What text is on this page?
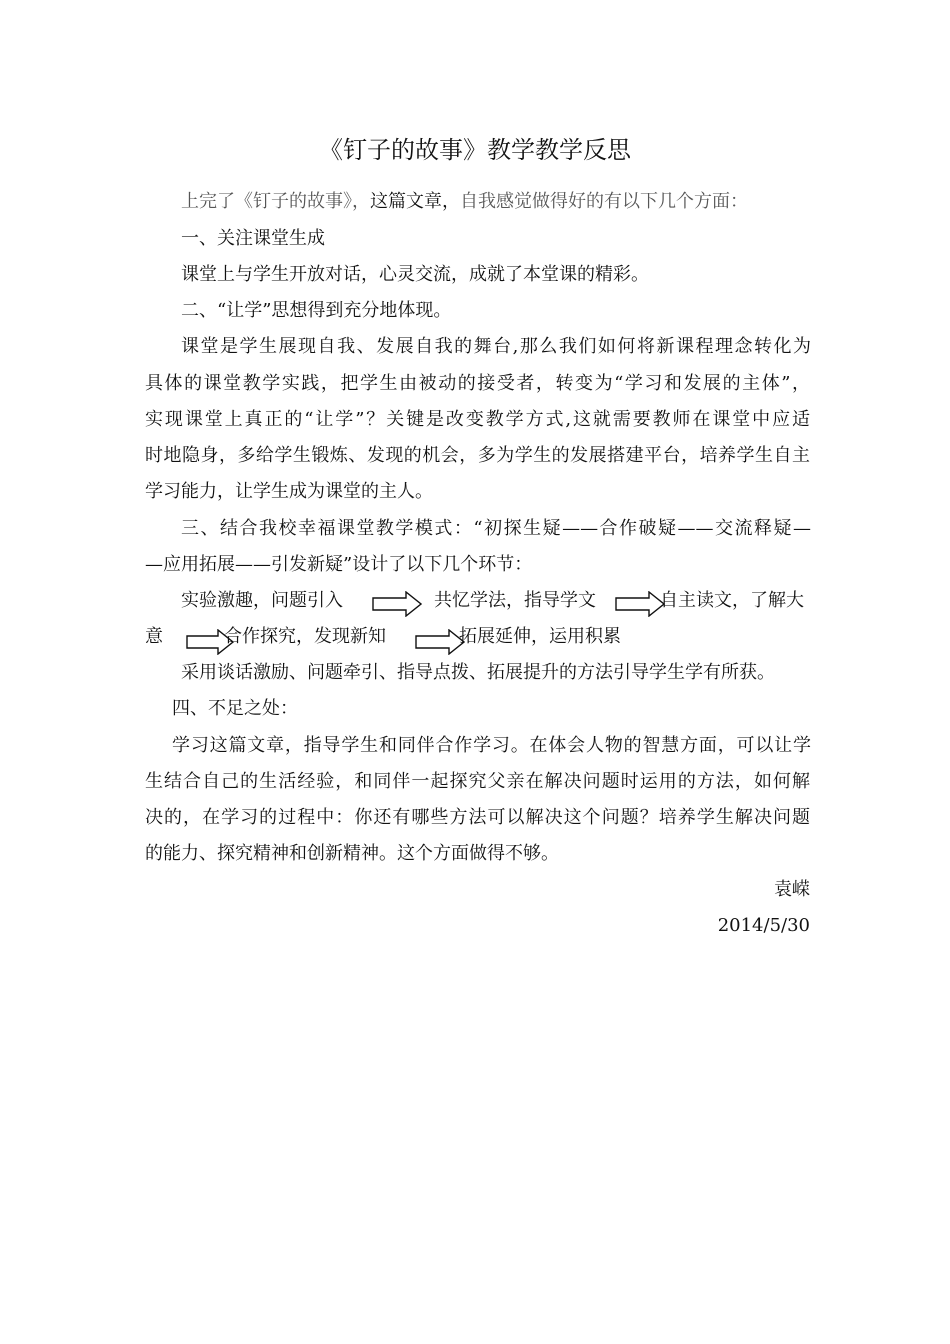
《钉子的故事》教学教学反思
上完了《钉子的故事》，这篇文章，自我感觉做得好的有以下几个方面：
一、关注课堂生成
课堂上与学生开放对话，心灵交流，成就了本堂课的精彩。
二、“让学”思想得到充分地体现。
课堂是学生展现自我、发展自我的舞台,那么我们如何将新课程理念转化为
具体的课堂教学实践，把学生由被动的接受者，转变为“学习和发展的主体”，
实现课堂上真正的“让学”？关键是改变教学方式,这就需要教师在课堂中应适
时地隐身，多给学生锻炼、发现的机会，多为学生的发展搭建平台，培养学生自主
学习能力，让学生成为课堂的主人。
三、结合我校幸福课堂教学模式：“初探生疑——合作破疑——交流释疑—
—应用拓展——引发新疑”设计了以下几个环节：
实验激趣，问题引入	共忆学法，指导学文	自主读文，了解大
意	合作探究，发现新知	拓展延伸，运用积累
采用谈话激励、问题牵引、指导点拨、拓展提升的方法引导学生学有所获。
四、不足之处：
学习这篇文章，指导学生和同伴合作学习。在体会人物的智慧方面，可以让学
生结合自己的生活经验，和同伴一起探究父亲在解决问题时运用的方法，如何解
决的，在学习的过程中：你还有哪些方法可以解决这个问题？培养学生解决问题
的能力、探究精神和创新精神。这个方面做得不够。
袁嵘
2014/5/30
